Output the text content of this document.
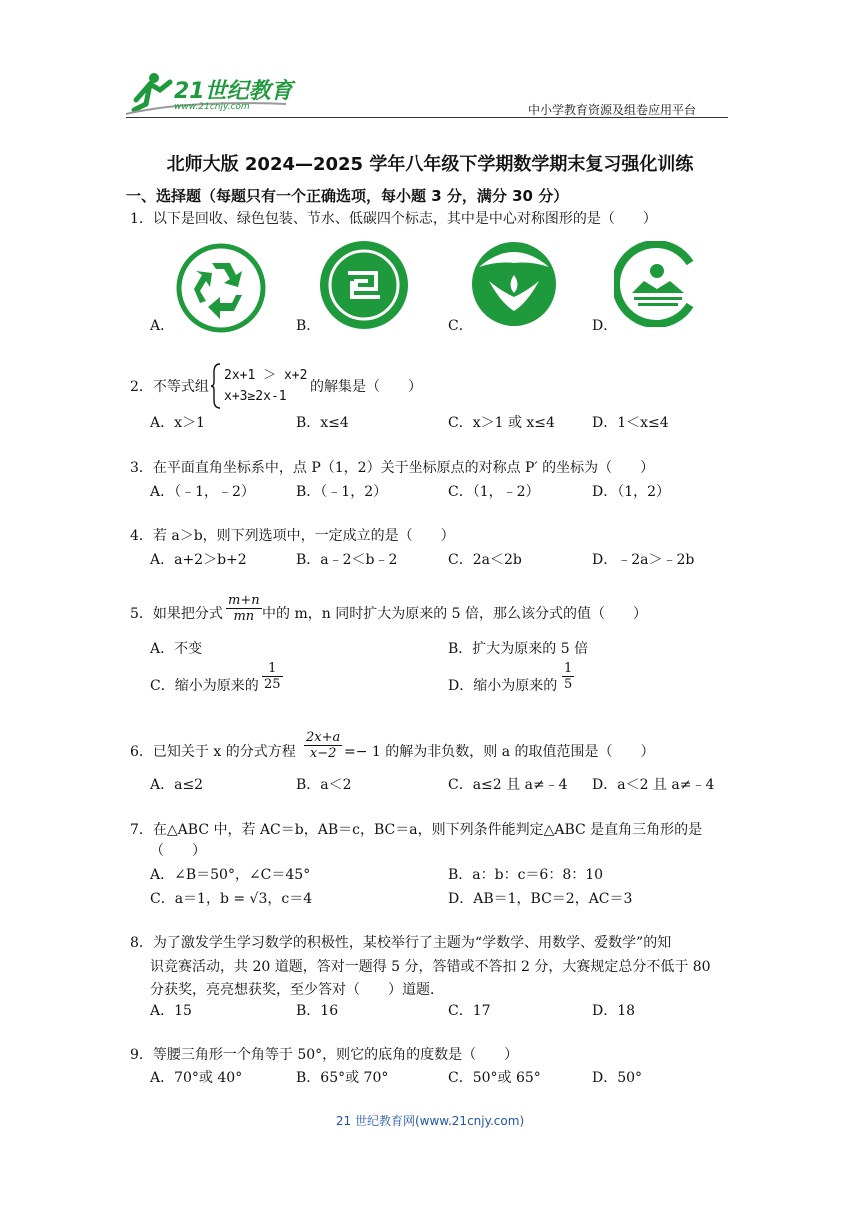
21世纪教育
www.21cnjy.com	中小学教育资源及组卷应用平台
北师大版 2024—2025 学年八年级下学期数学期末复习强化训练
一、选择题（每题只有一个正确选项，每小题 3 分，满分 30 分）
1．以下是回收、绿色包装、节水、低碳四个标志，其中是中心对称图形的是（　　）
A．	B．	C．	D．
2．不等式组
2x+1 ＞ x+2
x+3≥2x-1
的解集是（　　）
A．x＞1	B．x≤4	C．x＞1 或 x≤4	D．1＜x≤4
3．在平面直角坐标系中，点 P（1，2）关于坐标原点的对称点 P′ 的坐标为（　　）
A．（﹣1，﹣2）	B．（﹣1，2）	C．（1，﹣2）	D．（1，2）
4．若 a＞b，则下列选项中，一定成立的是（　　）
A．a+2＞b+2	B．a﹣2＜b﹣2	C．2a＜2b	D．﹣2a＞﹣2b
5．如果把分式 $\frac{m+n}{mn}$ 中的 m，n 同时扩大为原来的 5 倍，那么该分式的值（　　）
A．不变	B．扩大为原来的 5 倍
C．缩小为原来的 $\frac{1}{25}$	D．缩小为原来的 $\frac{1}{5}$
6．已知关于 x 的分式方程 $\frac{2x+a}{x-2} =- 1$ 的解为非负数，则 a 的取值范围是（　　）
A．a≤2	B．a＜2	C．a≤2 且 a≠﹣4 D．a＜2 且 a≠﹣4
7．在△ABC 中，若 AC＝b，AB＝c，BC＝a，则下列条件能判定△ABC 是直角三角形的是
（　　）
A．∠B＝50°，∠C＝45°	B．a：b：c＝6：8：10
C．a＝1，b = √3，c＝4	D．AB＝1，BC＝2，AC＝3
8．为了激发学生学习数学的积极性，某校举行了主题为“学数学、用数学、爱数学”的知
识竞赛活动，共 20 道题，答对一题得 5 分，答错或不答扣 2 分，大赛规定总分不低于 80
分获奖，亮亮想获奖，至少答对（　　）道题．
A．15	B．16	C．17	D．18
9．等腰三角形一个角等于 50°，则它的底角的度数是（　　）
A．70°或 40°	B．65°或 70°	C．50°或 65°	D．50°
21 世纪教育网(www.21cnjy.com)
